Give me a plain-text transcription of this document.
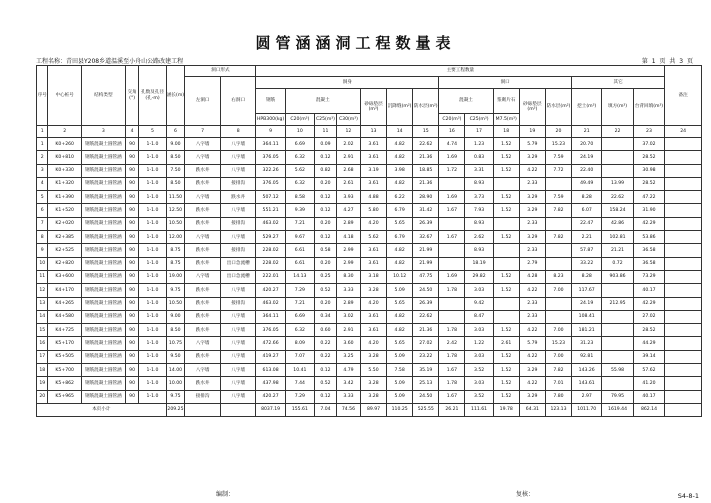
圆管涵涵洞工程数量表
工程名称：青田县Y208乡道温溪至小舟山公路改建工程	第 1 页 共 3 页
序号	中心桩号	结构类型	交角(°)	孔数及孔径(孔-m)	涵长(m)	洞口形式		主要工程数量															备注
						左洞口	右洞口	洞身							洞口					其它			
								钢筋	混凝土			砂砾垫层(m³)	沉降缝(m²)	防水层(m²)	混凝土		浆砌片石	砂砾垫层(m³)	防水层(m²)	挖土(m³)	填方(m³)	台背回填(m³)	
								HPB300(kg)	C20(m³)	C25(m³)	C30(m³)				C20(m³)	C25(m³)	M7.5(m³)						
1	2	3	4	5	6	7	8	9	10	11	12	13	14	15	16	17	18	19	20	21	22	23	24
1	K0+260	钢筋混凝土圆管涵	90	1-1.0	9.00	八字墙	八字墙	364.11	6.69	0.09	2.02	3.61	4.82	22.62	4.74	1.23	1.52	5.79	15.23	20.70		37.02	
2	K0+810	钢筋混凝土圆管涵	90	1-1.0	8.50	八字墙	八字墙	376.05	6.32	0.12	2.91	3.61	4.82	21.36	1.69	0.83	1.52	3.29	7.59	24.19		28.52	
3	K0+330	钢筋混凝土圆管涵	90	1-1.0	7.50	跌水井	八字墙	322.26	5.62	0.82	2.68	3.19	3.98	18.85	1.72	3.31	1.52	4.22	7.72	22.40		30.98	
4	K1+320	钢筋混凝土圆管涵	90	1-1.0	8.50	跌水井	接排沟	376.05	6.32	0.20	2.61	3.61	4.82	21.36		8.93		2.33		49.49	13.99	28.52	
5	K1+390	钢筋混凝土圆管涵	90	1-1.0	11.50	八字墙	跌水井	507.12	8.58	0.12	3.93	4.88	6.22	28.90	1.69	3.73	1.52	3.29	7.59	8.28	22.62	47.22	
6	K1+520	钢筋混凝土圆管涵	90	1-1.0	12.50	跌水井	八字墙	551.21	9.39	0.12	4.27	5.80	6.79	31.42	1.67	7.93	1.52	3.29	7.82	6.07	158.24	31.90	
7	K2+020	钢筋混凝土圆管涵	90	1-1.0	10.50	跌水井	接排沟	463.02	7.21	0.20	2.89	4.20	5.65	26.39		8.93		2.33		22.47	42.86	42.29	
8	K2+385	钢筋混凝土圆管涵	90	1-1.0	12.00	八字墙	八字墙	529.27	9.67	0.12	4.18	5.62	6.79	32.67	1.67	2.62	1.52	3.29	7.82	2.21	102.81	53.86	
9	K2+525	钢筋混凝土圆管涵	90	1-1.0	8.75	跌水井	接排沟	228.02	6.61	0.58	2.99	3.61	4.82	21.99		8.93		2.33		57.87	21.21	36.58	
10	K2+820	钢筋混凝土圆管涵	90	1-1.0	8.75	跌水井	出口急流槽	228.02	6.61	0.20	2.99	3.61	4.82	21.99		18.19		2.79		33.22	0.72	36.58	
11	K3+600	钢筋混凝土圆管涵	90	1-1.0	19.00	八字墙	出口急流槽	222.01	14.13	0.25	8.30	3.18	10.12	47.75	1.69	29.82	1.52	4.28	8.23	8.28	903.86	73.29	
12	K4+170	钢筋混凝土圆管涵	90	1-1.0	9.75	跌水井	八字墙	420.27	7.29	0.52	3.33	3.28	5.09	24.50	1.78	3.03	1.52	4.22	7.00	117.67		40.17	
13	K4+265	钢筋混凝土圆管涵	90	1-1.0	10.50	跌水井	接排沟	463.02	7.21	0.20	2.89	4.20	5.65	26.39		9.42		2.33		24.19	212.95	42.29	
14	K4+580	钢筋混凝土圆管涵	90	1-1.0	9.00	跌水井	八字墙	364.11	6.69	0.34	3.02	3.61	4.82	22.62		8.47		2.33		108.41		27.02	
15	K4+725	钢筋混凝土圆管涵	90	1-1.0	8.50	跌水井	八字墙	376.05	6.32	0.60	2.91	3.61	4.82	21.36	1.78	3.03	1.52	4.22	7.00	181.21		28.52	
16	K5+170	钢筋混凝土圆管涵	90	1-1.0	10.75	八字墙	八字墙	472.66	8.09	0.22	3.60	4.20	5.65	27.02	2.42	1.22	2.61	5.79	15.23	31.23		44.29	
17	K5+505	钢筋混凝土圆管涵	90	1-1.0	9.50	跌水井	八字墙	419.27	7.07	0.22	3.25	3.28	5.09	23.22	1.78	3.03	1.52	4.22	7.00	92.81		39.14	
18	K5+700	钢筋混凝土圆管涵	90	1-1.0	14.00	八字墙	八字墙	613.08	10.41	0.12	4.79	5.50	7.58	35.19	1.67	3.52	1.52	3.29	7.82	143.26	55.98	57.62	
19	K5+862	钢筋混凝土圆管涵	90	1-1.0	10.00	跌水井	八字墙	437.98	7.44	0.52	3.42	3.28	5.09	25.13	1.78	3.03	1.52	4.22	7.01	143.61		41.20	
20	K5+965	钢筋混凝土圆管涵	90	1-1.0	9.75	接排沟	八字墙	420.27	7.29	0.12	3.33	3.28	5.09	24.50	1.67	3.52	1.52	3.29	7.80	2.97	79.95	40.17	
本页小计					209.25			8037.19	155.61	7.04	74.56	89.97	110.25	525.55	26.21	111.61	19.78	64.31	123.13	1011.70	1619.44	862.14	
编制：	复核：	S4-8-1
